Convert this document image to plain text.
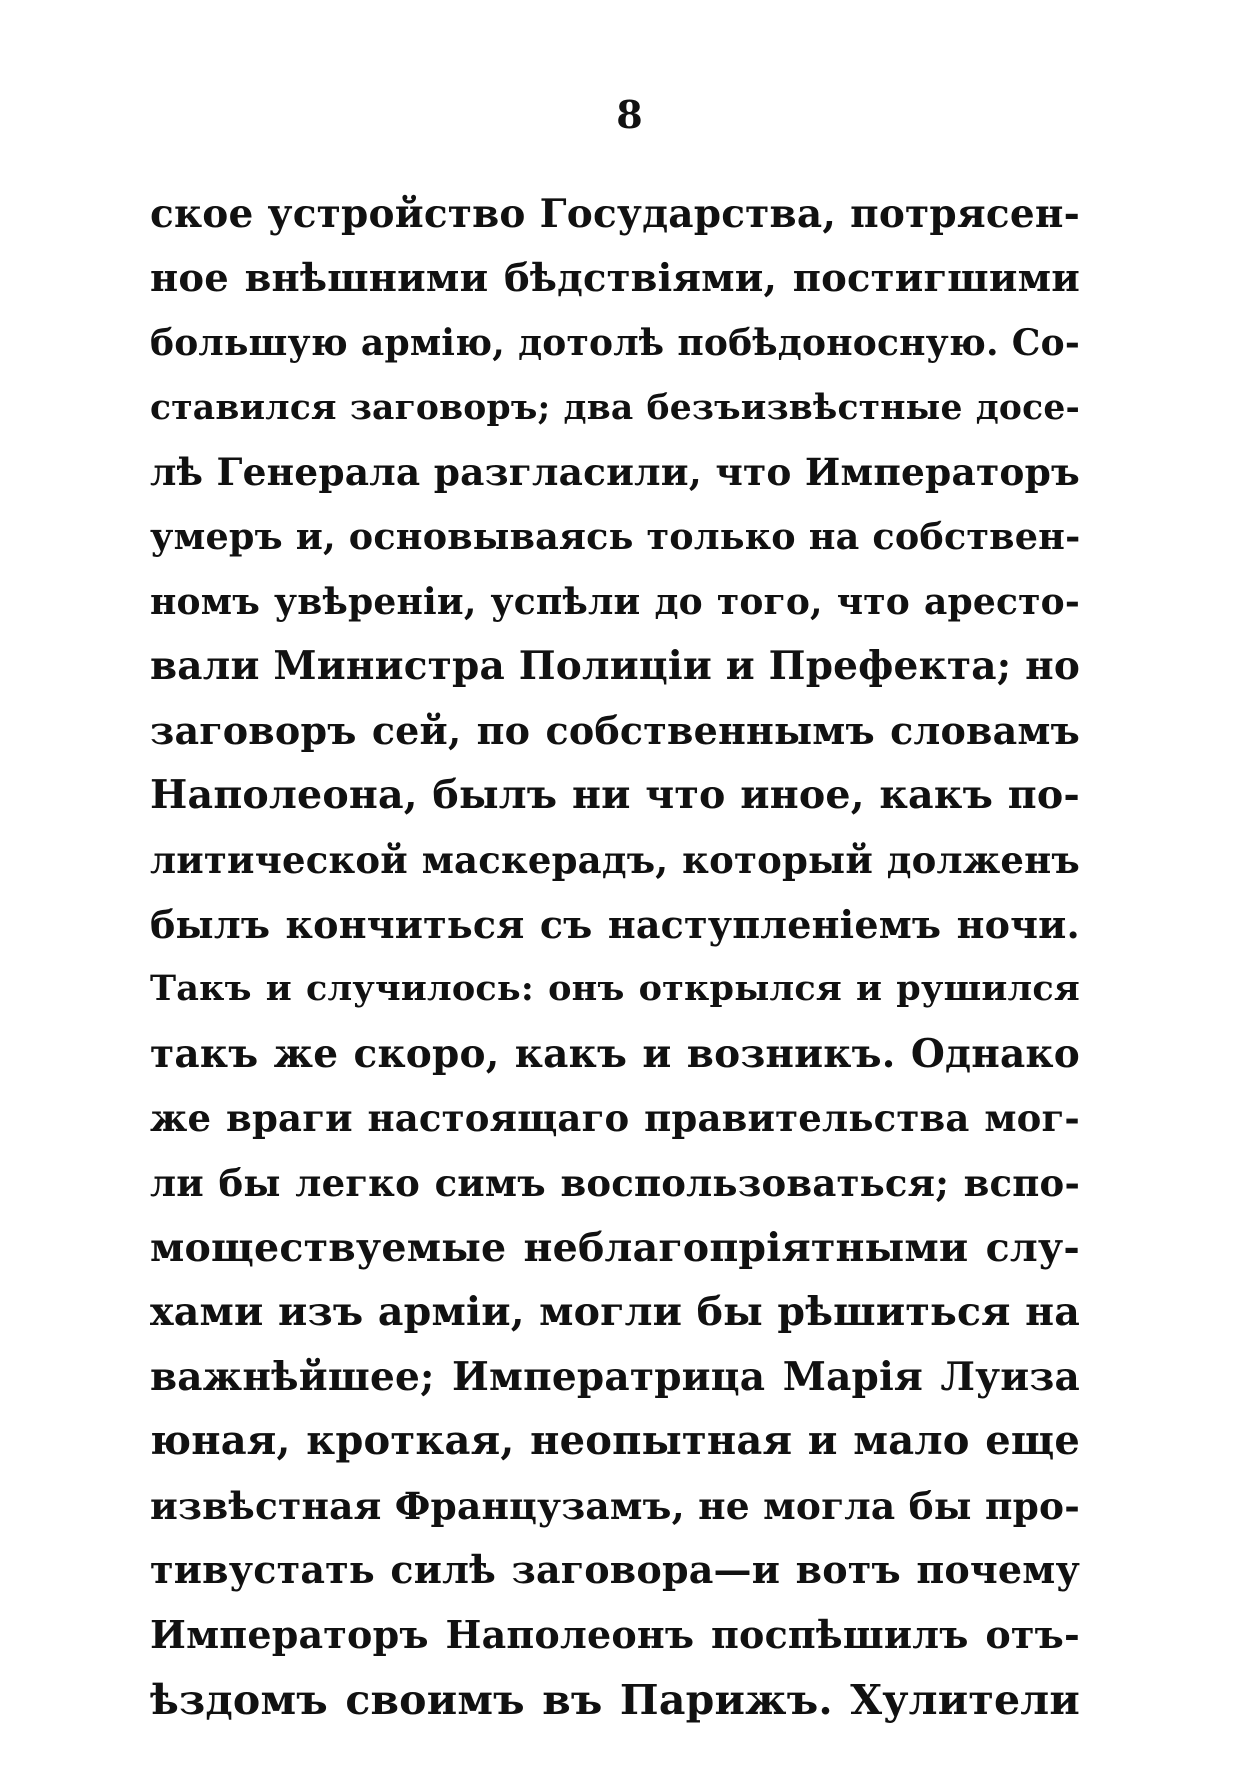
8
ское устройство Государства, потрясен-
ное внѣшними бѣдствіями, постигшими
большую армію, дотолѣ побѣдоносную. Со-
ставился заговоръ; два безъизвѣстные досе-
лѣ Генерала разгласили, что Императоръ
умеръ и, основываясь только на собствен-
номъ увѣреніи, успѣли до того, что аресто-
вали Министра Полиціи и Префекта; но
заговоръ сей, по собственнымъ словамъ
Наполеона, былъ ни что иное, какъ по-
литической маскерадъ, который долженъ
былъ кончиться съ наступленіемъ ночи.
Такъ и случилось: онъ открылся и рушился
такъ же скоро, какъ и возникъ. Однако
же враги настоящаго правительства мог-
ли бы легко симъ воспользоваться; вспо-
моществуемые неблагопріятными слу-
хами изъ арміи, могли бы рѣшиться на
важнѣйшее; Императрица Марія Луиза
юная, кроткая, неопытная и мало еще
извѣстная Французамъ, не могла бы про-
тивустать силѣ заговора—и вотъ почему
Императоръ Наполеонъ поспѣшилъ отъ-
ѣздомъ своимъ въ Парижъ. Хулители
